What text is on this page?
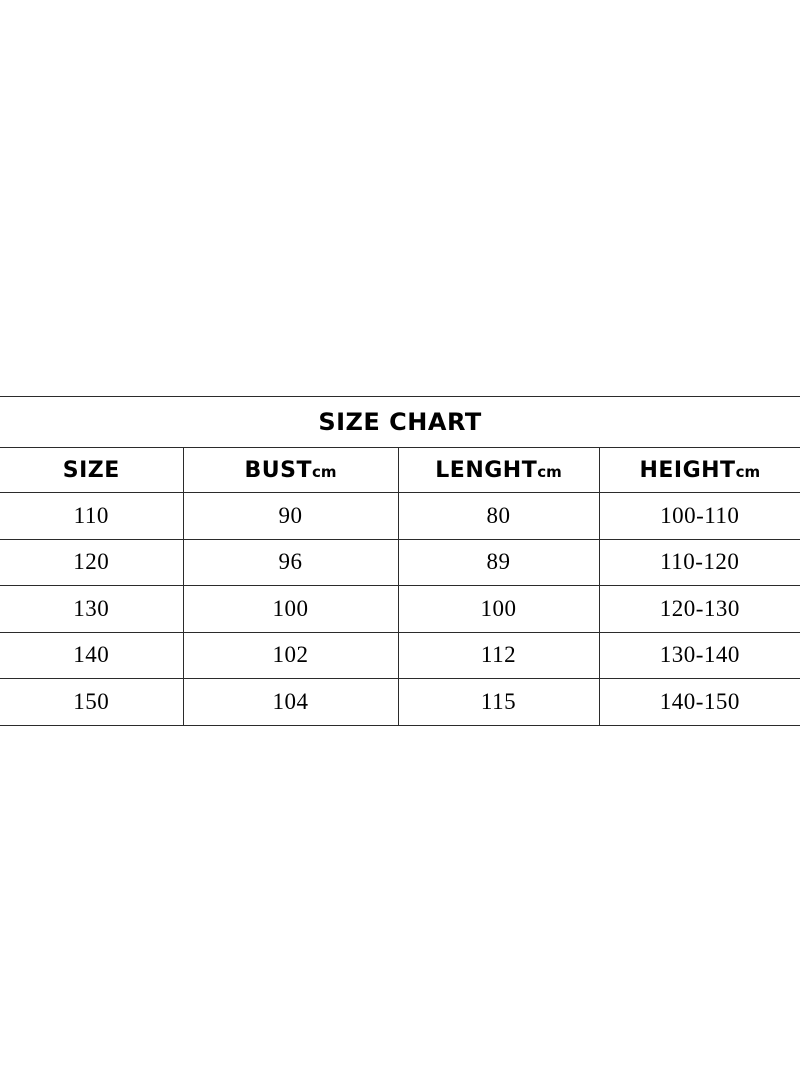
SIZE CHART			
SIZE	BUSTcm	LENGHTcm	HEIGHTcm
110	90	80	100-110
120	96	89	110-120
130	100	100	120-130
140	102	112	130-140
150	104	115	140-150
